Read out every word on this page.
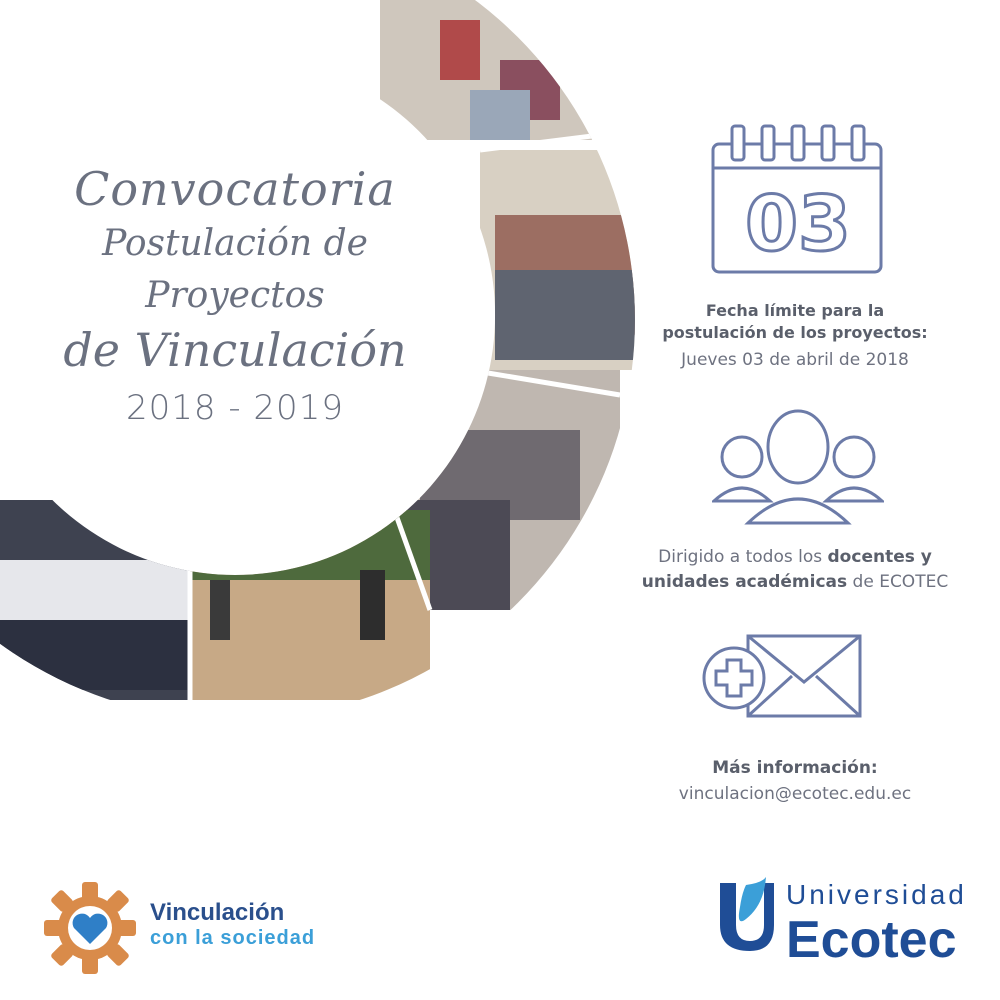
Convocatoria
Postulación de Proyectos
de Vinculación
2018 - 2019
03
Fecha límite para la
postulación de los proyectos:
Jueves 03 de abril de 2018
Dirigido a todos los docentes y
unidades académicas de ECOTEC
Más información:
vinculacion@ecotec.edu.ec
Vinculación
con la sociedad
Universidad
Ecotec
